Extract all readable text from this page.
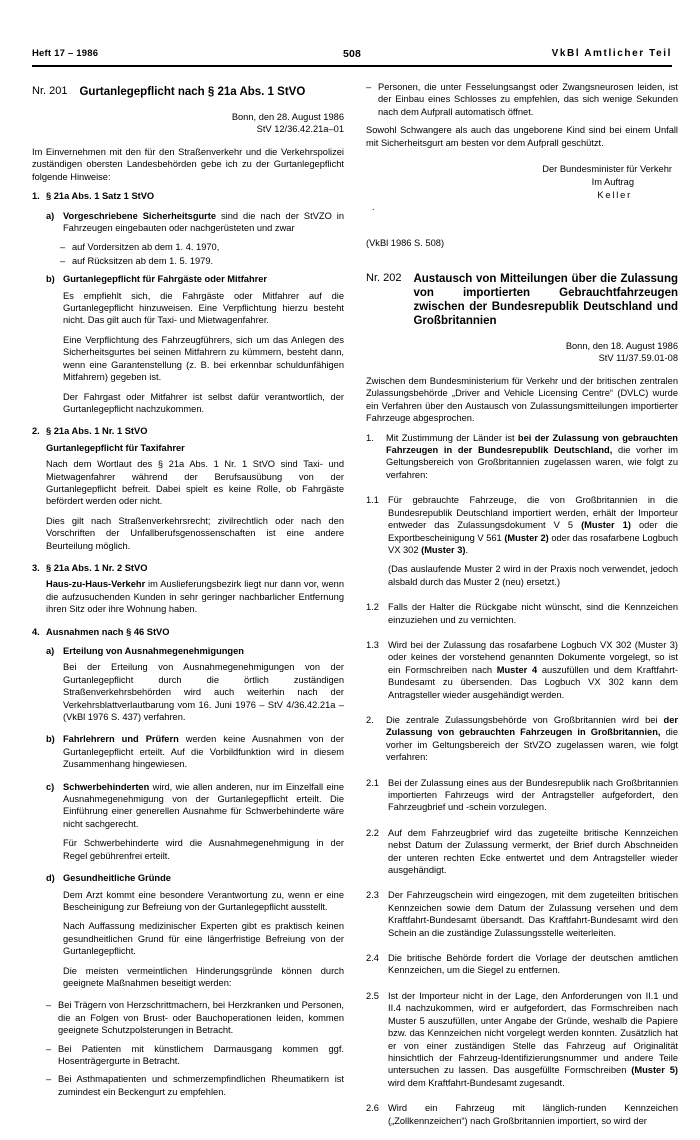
Heft 17 – 1986	508	VkBl Amtlicher Teil
Nr. 201	Gurtanlegepflicht nach § 21a Abs. 1 StVO
Bonn, den 28. August 1986
StV 12/36.42.21a–01

Im Einvernehmen mit den für den Straßenverkehr und die Verkehrspolizei zuständigen obersten Landesbehörden gebe ich zu der Gurtanlegepflicht folgende Hinweise:

1. § 21a Abs. 1 Satz 1 StVO

a) Vorgeschriebene Sicherheitsgurte sind die nach der StVZO in Fahrzeugen eingebauten oder nachgerüsteten und zwar

– auf Vordersitzen ab dem 1. 4. 1970,
– auf Rücksitzen ab dem 1. 5. 1979.
b) Gurtanlegepflicht für Fahrgäste oder Mitfahrer

Es empfiehlt sich, die Fahrgäste oder Mitfahrer auf die Gurtanlegepflicht hinzuweisen. Eine Verpflichtung hierzu besteht nicht. Das gilt auch für Taxi- und Mietwagenfahrer.

Eine Verpflichtung des Fahrzeugführers, sich um das Anlegen des Sicherheitsgurtes bei seinen Mitfahrern zu kümmern, besteht dann, wenn eine Garantenstellung (z. B. bei erkennbar schuldunfähigen Mitfahrern) gegeben ist.

Der Fahrgast oder Mitfahrer ist selbst dafür verantwortlich, der Gurtanlegepflicht nachzukommen.

2. § 21a Abs. 1 Nr. 1 StVO

Gurtanlegepflicht für Taxifahrer

Nach dem Wortlaut des § 21a Abs. 1 Nr. 1 StVO sind Taxi- und Mietwagenfahrer während der Berufsausübung von der Gurtanlegepflicht befreit. Dabei spielt es keine Rolle, ob Fahrgäste befördert werden oder nicht.

Dies gilt nach Straßenverkehrsrecht; zivilrechtlich oder nach den Vorschriften der Unfallberufsgenossenschaften ist eine andere Beurteilung möglich.

3. § 21a Abs. 1 Nr. 2 StVO

Haus-zu-Haus-Verkehr im Auslieferungsbezirk liegt nur dann vor, wenn die aufzusuchenden Kunden in sehr geringer nachbarlicher Entfernung ihren Sitz oder ihre Wohnung haben.

4. Ausnahmen nach § 46 StVO

a) Erteilung von Ausnahmegenehmigungen

Bei der Erteilung von Ausnahmegenehmigungen von der Gurtanlegepflicht durch die örtlich zuständigen Straßenverkehrsbehörden wird auch weiterhin nach der Verkehrsblattverlautbarung vom 16. Juni 1976 – StV 4/36.42.21a – (VkBl 1976 S. 437) verfahren.

b) Fahrlehrern und Prüfern werden keine Ausnahmen von der Gurtanlegepflicht erteilt. Auf die Vorbildfunktion wird in diesem Zusammenhang hingewiesen.

c) Schwerbehinderten wird, wie allen anderen, nur im Einzelfall eine Ausnahmegenehmigung von der Gurtanlegepflicht erteilt. Die Einführung einer generellen Ausnahme für Schwerbehinderte wäre nicht sachgerecht.

Für Schwerbehinderte wird die Ausnahmegenehmigung in der Regel gebührenfrei erteilt.

d) Gesundheitliche Gründe

Dem Arzt kommt eine besondere Verantwortung zu, wenn er eine Bescheinigung zur Befreiung von der Gurtanlegepflicht ausstellt.

Nach Auffassung medizinischer Experten gibt es praktisch keinen gesundheitlichen Grund für eine längerfristige Befreiung von der Gurtanlegepflicht.

Die meisten vermeintlichen Hinderungsgründe können durch geeignete Maßnahmen beseitigt werden:

– Bei Trägern von Herzschrittmachern, bei Herzkranken und Personen, die an Folgen von Brust- oder Bauchoperationen leiden, kommen geeignete Schutzpolsterungen in Betracht.
– Bei Patienten mit künstlichem Darmausgang kommen ggf. Hosenträgergurte in Betracht.
– Bei Asthmapatienten und schmerzempfindlichen Rheumatikern ist zumindest ein Beckengurt zu empfehlen.
– Personen, die unter Fesselungsangst oder Zwangsneurosen leiden, ist der Einbau eines Schlosses zu empfehlen, das sich wenige Sekunden nach dem Aufprall automatisch öffnet.

Sowohl Schwangere als auch das ungeborene Kind sind bei einem Unfall mit Sicherheitsgurt am besten vor dem Aufprall geschützt.

Der Bundesminister für Verkehr
Im Auftrag
Keller
.
(VkBl 1986 S. 508)
Nr. 202	Austausch von Mitteilungen über die Zulassung von importierten Gebrauchtfahrzeugen zwischen der Bundesrepublik Deutschland und Großbritannien
Bonn, den 18. August 1986
StV 11/37.59.01-08

Zwischen dem Bundesministerium für Verkehr und der britischen zentralen Zulassungsbehörde „Driver and Vehicle Licensing Centre“ (DVLC) wurde ein Verfahren über den Austausch von Zulassungsmitteilungen importierter Fahrzeuge abgesprochen.

1.	Mit Zustimmung der Länder ist bei der Zulassung von gebrauchten Fahrzeugen in der Bundesrepublik Deutschland, die vorher im Geltungsbereich von Großbritannien zugelassen waren, wie folgt zu verfahren:

1.1 Für gebrauchte Fahrzeuge, die von Großbritannien in die Bundesrepublik Deutschland importiert werden, erhält der Importeur entweder das Zulassungsdokument V 5 (Muster 1) oder die Exportbescheinigung V 561 (Muster 2) oder das rosafarbene Logbuch VX 302 (Muster 3).

(Das auslaufende Muster 2 wird in der Praxis noch verwendet, jedoch alsbald durch das Muster 2 (neu) ersetzt.)

1.2 Falls der Halter die Rückgabe nicht wünscht, sind die Kennzeichen einzuziehen und zu vernichten.

1.3 Wird bei der Zulassung das rosafarbene Logbuch VX 302 (Muster 3) oder keines der vorstehend genannten Dokumente vorgelegt, so ist ein Formschreiben nach Muster 4 auszufüllen und dem Kraftfahrt-Bundesamt zu übersenden. Das Logbuch VX 302 kann dem Antragsteller wieder ausgehändigt werden.

2.	Die zentrale Zulassungsbehörde von Großbritannien wird bei der Zulassung von gebrauchten Fahrzeugen in Großbritannien, die vorher im Geltungsbereich der StVZO zugelassen waren, wie folgt verfahren:

2.1 Bei der Zulassung eines aus der Bundesrepublik nach Großbritannien importierten Fahrzeugs wird der Antragsteller aufgefordert, den Fahrzeugbrief und -schein vorzulegen.

2.2 Auf dem Fahrzeugbrief wird das zugeteilte britische Kennzeichen nebst Datum der Zulassung vermerkt, der Brief durch Abschneiden der unteren rechten Ecke entwertet und dem Antragsteller wieder ausgehändigt.

2.3 Der Fahrzeugschein wird eingezogen, mit dem zugeteilten britischen Kennzeichen sowie dem Datum der Zulassung versehen und dem Kraftfahrt-Bundesamt übersandt. Das Kraftfahrt-Bundesamt wird den Schein an die zuständige Zulassungsstelle weiterleiten.

2.4 Die britische Behörde fordert die Vorlage der deutschen amtlichen Kennzeichen, um die Siegel zu entfernen.

2.5 Ist der Importeur nicht in der Lage, den Anforderungen von II.1 und II.4 nachzukommen, wird er aufgefordert, das Formschreiben nach Muster 5 auszufüllen, unter Angabe der Gründe, weshalb die Papiere bzw. das Kennzeichen nicht vorgelegt werden konnten. Zusätzlich hat er von einer zuständigen Stelle das Fahrzeug auf Originalität hinsichtlich der Fahrzeug-Identifizierungsnummer und andere Teile untersuchen zu lassen. Das ausgefüllte Formschreiben (Muster 5) wird dem Kraftfahrt-Bundesamt zugesandt.

2.6 Wird ein Fahrzeug mit länglich-runden Kennzeichen („Zollkennzeichen“) nach Großbritannien importiert, so wird der
